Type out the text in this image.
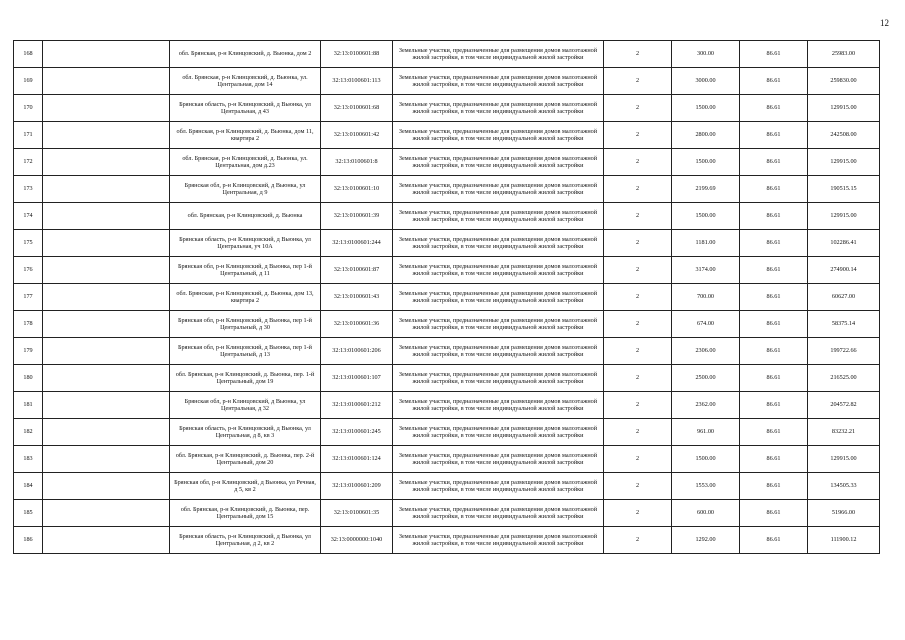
12
168		обл. Брянская, р-н Клинцовский, д. Вьюнка, дом 2	32:13:0100601:88	Земельные участки, предназначенные для размещения домов малоэтажной жилой застройки, в том числе индивидуальной жилой застройки	2	300.00	86.61	25983.00
169		обл. Брянская, р-н Клинцовский, д. Вьюнка, ул. Центральная, дом 14	32:13:0100601:113	Земельные участки, предназначенные для размещения домов малоэтажной жилой застройки, в том числе индивидуальной жилой застройки	2	3000.00	86.61	259830.00
170		Брянская область, р-н Клинцовский, д Вьюнка, ул Центральная, д 43	32:13:0100601:68	Земельные участки, предназначенные для размещения домов малоэтажной жилой застройки, в том числе индивидуальной жилой застройки	2	1500.00	86.61	129915.00
171		обл. Брянская, р-н Клинцовский, д. Вьюнка, дом 11, квартира 2	32:13:0100601:42	Земельные участки, предназначенные для размещения домов малоэтажной жилой застройки, в том числе индивидуальной жилой застройки	2	2800.00	86.61	242508.00
172		обл. Брянская, р-н Клинцовский, д. Вьюнка, ул. Центральная, дом д.23	32:13:0100601:8	Земельные участки, предназначенные для размещения домов малоэтажной жилой застройки, в том числе индивидуальной жилой застройки	2	1500.00	86.61	129915.00
173		Брянская обл, р-н Клинцовский, д Вьюнка, ул Центральная, д 9	32:13:0100601:10	Земельные участки, предназначенные для размещения домов малоэтажной жилой застройки, в том числе индивидуальной жилой застройки	2	2199.69	86.61	190515.15
174		обл. Брянская, р-н Клинцовский, д. Вьюнка	32:13:0100601:39	Земельные участки, предназначенные для размещения домов малоэтажной жилой застройки, в том числе индивидуальной жилой застройки	2	1500.00	86.61	129915.00
175		Брянская область, р-н Клинцовский, д Вьюнка, ул Центральная, уч 10А	32:13:0100601:244	Земельные участки, предназначенные для размещения домов малоэтажной жилой застройки, в том числе индивидуальной жилой застройки	2	1181.00	86.61	102286.41
176		Брянская обл, р-н Клинцовский, д Вьюнка, пер 1-й Центральный, д 11	32:13:0100601:87	Земельные участки, предназначенные для размещения домов малоэтажной жилой застройки, в том числе индивидуальной жилой застройки	2	3174.00	86.61	274900.14
177		обл. Брянская, р-н Клинцовский, д. Вьюнка, дом 13, квартира 2	32:13:0100601:43	Земельные участки, предназначенные для размещения домов малоэтажной жилой застройки, в том числе индивидуальной жилой застройки	2	700.00	86.61	60627.00
178		Брянская обл, р-н Клинцовский, д Вьюнка, пер 1-й Центральный, д 30	32:13:0100601:36	Земельные участки, предназначенные для размещения домов малоэтажной жилой застройки, в том числе индивидуальной жилой застройки	2	674.00	86.61	58375.14
179		Брянская обл, р-н Клинцовский, д Вьюнка, пер 1-й Центральный, д 13	32:13:0100601:206	Земельные участки, предназначенные для размещения домов малоэтажной жилой застройки, в том числе индивидуальной жилой застройки	2	2306.00	86.61	199722.66
180		обл. Брянская, р-н Клинцовский, д. Вьюнка, пер. 1-й Центральный, дом 19	32:13:0100601:107	Земельные участки, предназначенные для размещения домов малоэтажной жилой застройки, в том числе индивидуальной жилой застройки	2	2500.00	86.61	216525.00
181		Брянская обл, р-н Клинцовский, д Вьюнка, ул Центральная, д 32	32:13:0100601:212	Земельные участки, предназначенные для размещения домов малоэтажной жилой застройки, в том числе индивидуальной жилой застройки	2	2362.00	86.61	204572.82
182		Брянская область, р-н Клинцовский, д Вьюнка, ул Центральная, д 8, кв 3	32:13:0100601:245	Земельные участки, предназначенные для размещения домов малоэтажной жилой застройки, в том числе индивидуальной жилой застройки	2	961.00	86.61	83232.21
183		обл. Брянская, р-н Клинцовский, д. Вьюнка, пер. 2-й Центральный, дом 20	32:13:0100601:124	Земельные участки, предназначенные для размещения домов малоэтажной жилой застройки, в том числе индивидуальной жилой застройки	2	1500.00	86.61	129915.00
184		Брянская обл, р-н Клинцовский, д Вьюнка, ул Речная, д 5, кв 2	32:13:0100601:209	Земельные участки, предназначенные для размещения домов малоэтажной жилой застройки, в том числе индивидуальной жилой застройки	2	1553.00	86.61	134505.33
185		обл. Брянская, р-н Клинцовский, д. Вьюнка, пер. Центральный, дом 15	32:13:0100601:35	Земельные участки, предназначенные для размещения домов малоэтажной жилой застройки, в том числе индивидуальной жилой застройки	2	600.00	86.61	51966.00
186		Брянская область, р-н Клинцовский, д Вьюнка, ул Центральная, д 2, кв 2	32:13:0000000:1040	Земельные участки, предназначенные для размещения домов малоэтажной жилой застройки, в том числе индивидуальной жилой застройки	2	1292.00	86.61	111900.12
